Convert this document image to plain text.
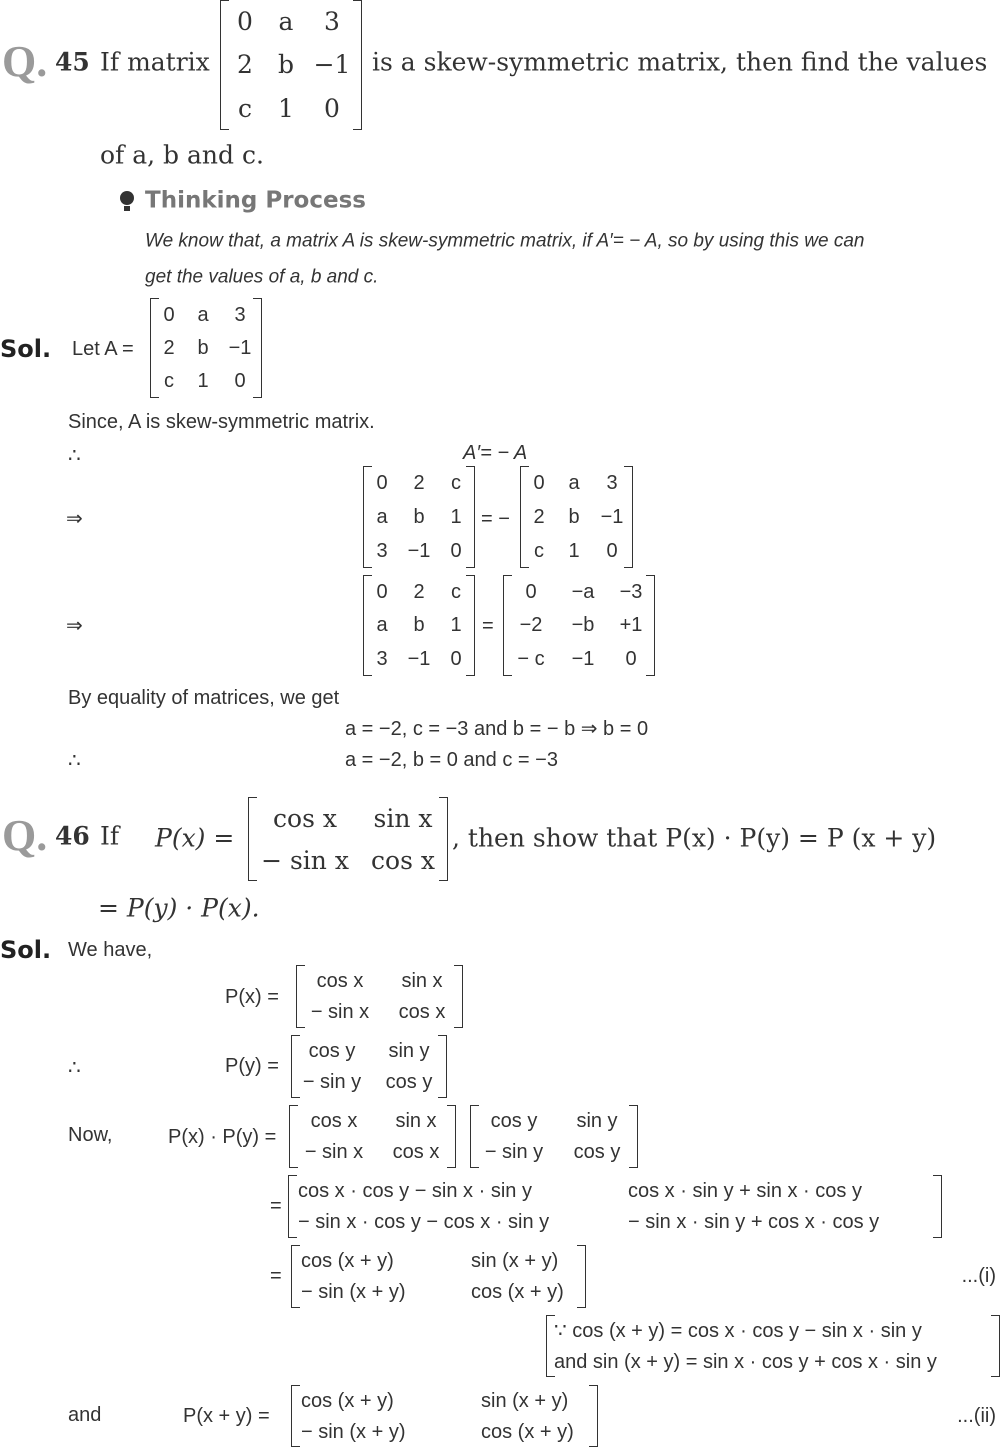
Q. 45 If matrix
0 a 3
2 b −1
c 1 0
is a skew-symmetric matrix, then find the values
of a, b and c.
Thinking Process
We know that, a matrix A is skew-symmetric matrix, if A′= − A, so by using this we can
get the values of a, b and c.
Sol. Let A =
0 a 3
2 b −1
c 1 0
Since, A is skew-symmetric matrix.
∴	A′= − A
⇒
0 2 c
a b 1
3 −1 0
= −
0 a 3
2 b −1
c 1 0
⇒
0 2 c
a b 1
3 −1 0
=
0 −a −3
−2 −b +1
− c −1 0
By equality of matrices, we get
a = −2, c = −3 and b = − b ⇒ b = 0
∴	a = −2, b = 0 and c = −3
Q. 46 If P(x) =
cos x sin x
− sin x cos x
, then show that P(x) · P(y) = P (x + y)
= P(y) · P(x).
Sol. We have,
P(x) =
cos x sin x
− sin x cos x
∴	P(y) =
cos y sin y
− sin y cos y
Now,	P(x) · P(y) =
cos x sin x
− sin x cos x
cos y sin y
− sin y cos y
=
cos x · cos y − sin x · sin y	cos x · sin y + sin x · cos y
− sin x · cos y − cos x · sin y	− sin x · sin y + cos x · cos y
=
cos (x + y)	sin (x + y)
− sin (x + y)	cos (x + y)
...(i)
∵ cos (x + y) = cos x · cos y − sin x · sin y
and sin (x + y) = sin x · cos y + cos x · sin y
and	P(x + y) =
cos (x + y)	sin (x + y)
− sin (x + y)	cos (x + y)
...(ii)
